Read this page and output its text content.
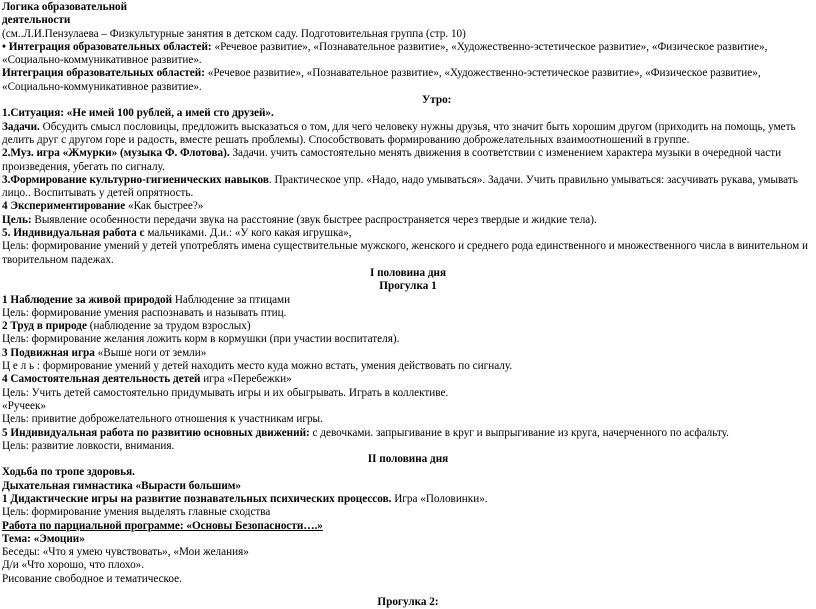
Логика образовательной
деятельности
(см..Л.И.Пензулаева – Физкультурные занятия в детском саду. Подготовительная группа (стр. 10)
• Интеграция образовательных областей: «Речевое развитие», «Познавательное развитие», «Художественно-эстетическое развитие», «Физическое развитие», «Социально-коммуникативное развитие».
Интеграция образовательных областей: «Речевое развитие», «Познавательное развитие», «Художественно-эстетическое развитие», «Физическое развитие», «Социально-коммуникативное развитие».
Утро:
1.Ситуация: «Не имей 100 рублей, а имей сто друзей».
Задачи. Обсудить смысл пословицы, предложить высказаться о том, для чего человеку нужны друзья, что значит быть хорошим другом (приходить на помощь, уметь делить друг с другом горе и радость, вместе решать проблемы). Способствовать формированию доброжелательных взаимоотношений в группе.
2.Муз. игра «Жмурки» (музыка Ф. Флотова). Задачи. учить самостоятельно менять движения в соответствии с изменением характера музыки в очередной части произведения, убегать по сигналу.
3.Формирование культурно-гигиенических навыков. Практическое упр. «Надо, надо умываться». Задачи. Учить правильно умываться: засучивать рукава, умывать лицо.. Воспитывать у детей опрятность.
4 Экспериментирование «Как быстрее?»
Цель: Выявление особенности передачи звука на расстояние (звук быстрее распространяется через твердые и жидкие тела).
5. Индивидуальная работа с мальчиками. Д.и.: «У кого какая игрушка»,
Цель: формирование умений у детей употреблять имена существительные мужского, женского и среднего рода единственного и множественного числа в винительном и творительном падежах.
I половина дня
Прогулка 1
1 Наблюдение за живой природой Наблюдение за птицами
Цель: формирование умения распознавать и называть птиц.
2 Труд в природе (наблюдение за трудом взрослых)
Цель: формирование желания ложить корм в кормушки (при участии воспитателя).
3 Подвижная игра «Выше ноги от земли»
Ц е л ь : формирование умений у детей находить место куда можно встать, умения действовать по сигналу.
4 Самостоятельная деятельность детей игра «Перебежки»
Цель: Учить детей самостоятельно придумывать игры и их обыгрывать. Играть в коллективе.
«Ручеек»
Цель: привитие доброжелательного отношения к участникам игры.
5 Индивидуальная работа по развитию основных движений: с девочками. запрыгивание в круг и выпрыгивание из круга, начерченного по асфальту.
Цель: развитие ловкости, внимания.
II половина дня
Ходьба по тропе здоровья.
Дыхательная гимнастика «Вырасти большим»
1 Дидактические игры на развитие познавательных психических процессов. Игра «Половинки».
Цель: формирование умения выделять главные сходства
Работа по парциальной программе: «Основы Безопасности….»
Тема: «Эмоции»
Беседы: «Что я умею чувствовать», «Мои желания»
Д/и «Что хорошо, что плохо».
Рисование свободное и тематическое.
Прогулка 2:
